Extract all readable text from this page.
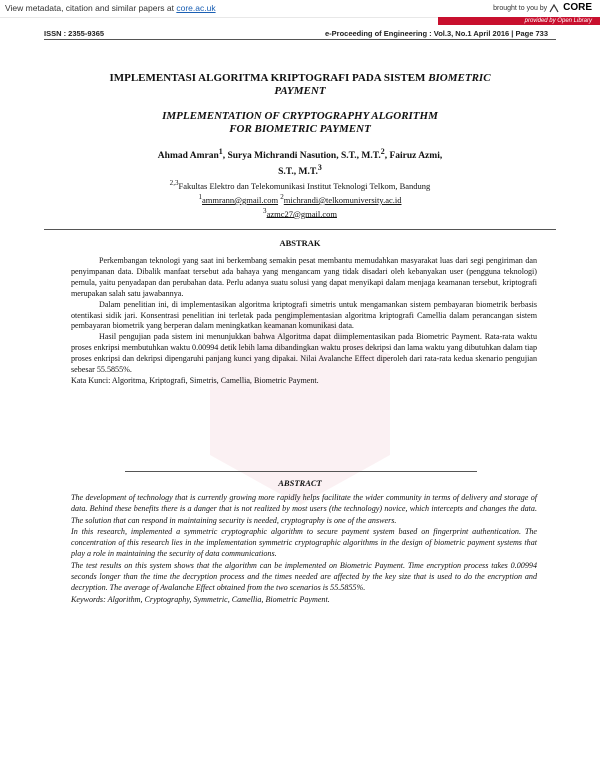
View metadata, citation and similar papers at core.ac.uk	brought to you by CORE
provided by Open Library
ISSN : 2355-9365	e-Proceeding of Engineering : Vol.3, No.1 April 2016 | Page 733
IMPLEMENTASI ALGORITMA KRIPTOGRAFI PADA SISTEM BIOMETRIC
PAYMENT
IMPLEMENTATION OF CRYPTOGRAPHY ALGORITHM
FOR BIOMETRIC PAYMENT
Ahmad Amran$^1$, Surya Michrandi Nasution, S.T., M.T.$^2$, Fairuz Azmi,
S.T., M.T.$^3$
$^{2,3}$Fakultas Elektro dan Telekomunikasi Institut Teknologi Telkom, Bandung
$^1$ammrann@gmail.com $^2$michrandi@telkomuniversity.ac.id
$^3$azmc27@gmail.com
ABSTRAK

Perkembangan teknologi yang saat ini berkembang semakin pesat membantu memudahkan masyarakat luas dari segi pengiriman dan penyimpanan data. Dibalik manfaat tersebut ada bahaya yang mengancam yang tidak disadari oleh kebanyakan user (pengguna teknologi) pemula, yaitu penyadapan dan perubahan data. Perlu adanya suatu solusi yang dapat menyikapi dalam menjaga keamanan tersebut, kriptografi merupakan salah satu jawabannya.

Dalam penelitian ini, di implementasikan algoritma kriptografi simetris untuk mengamankan sistem pembayaran biometrik berbasis otentikasi sidik jari. Konsentrasi penelitian ini terletak pada pengimplementasian algoritma kriptografi Camellia dalam perancangan sistem pembayaran biometrik yang berperan dalam meningkatkan keamanan komunikasi data.

Hasil pengujian pada sistem ini menunjukkan bahwa Algoritma dapat diimplementasikan pada Biometric Payment. Rata-rata waktu proses enkripsi membutuhkan waktu 0.00994 detik lebih lama dibandingkan waktu proses dekripsi dan lama waktu yang dibutuhkan dalam tiap proses enkripsi dan dekripsi dipengaruhi panjang kunci yang dipakai. Nilai Avalanche Effect diperoleh dari rata-rata kedua skenario pengujian sebesar 55.5855%.

Kata Kunci: Algoritma, Kriptografi, Simetris, Camellia, Biometric Payment.

ABSTRACT

The development of technology that is currently growing more rapidly helps facilitate the wider community in terms of delivery and storage of data. Behind these benefits there is a danger that is not realized by most users (the technology) novice, which intercepts and changes the data. The solution that can respond in maintaining security is needed, cryptography is one of the answers.

In this research, implemented a symmetric cryptographic algorithm to secure payment system based on fingerprint authentication. The concentration of this research lies in the implementation symmetric cryptographic algorithms in the design of biometric payment systems that play a role in maintaining the security of data communications.

The test results on this system shows that the algorithm can be implemented on Biometric Payment. Time encryption process takes 0.00994 seconds longer than the time the decryption process and the times needed are affected by the key size that is used to do the encryption and decryption. The average of Avalanche Effect obtained from the two scenarios is 55.5855%.

Keywords: Algorithm, Cryptography, Symmetric, Camellia, Biometric Payment.
